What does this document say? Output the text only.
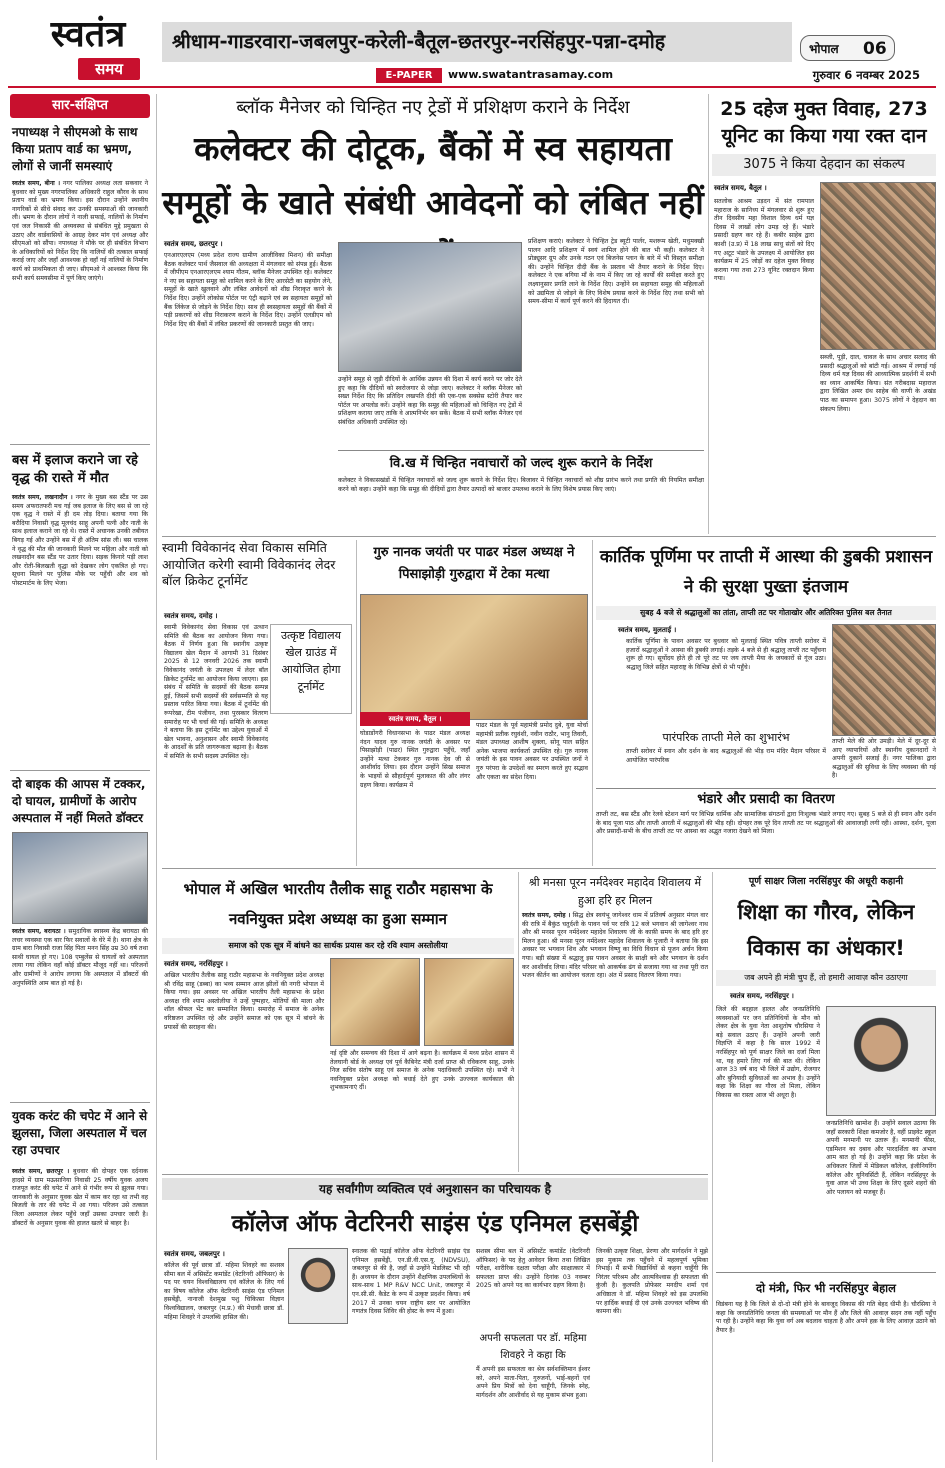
स्वतंत्र
समय
श्रीधाम-गाडरवारा-जबलपुर-करेली-बैतूल-छतरपुर-नरसिंहपुर-पन्ना-दमोह	भोपाल	06
E-PAPER	www.swatantrasamay.com	गुरुवार 6 नवम्बर 2025
सार-संक्षिप्त
नपाध्यक्ष ने सीएमओ के साथ किया प्रताप वार्ड का भ्रमण, लोगों से जानीं समस्याएं
स्वतंत्र समय, बीना । नगर पालिका अध्यक्ष लता सकवार ने बुधवार को मुख्य नगरपालिका अधिकारी राहुल कौरव के साथ प्रताप वार्ड का भ्रमण किया। इस दौरान उन्होंने स्थानीय नागरिकों से सीधे संवाद कर उनकी समस्याओं की जानकारी ली। भ्रमण के दौरान लोगों ने नाली सफाई, नालियों के निर्माण एवं जल निकासी की अव्यवस्था से संबंधित मुद्दे प्रमुखता से उठाए और वार्डवासियों के आग्रह देकर मांग एवं अध्यक्ष और सीएमओ को सौंपा। नपाध्यक्ष ने मौके पर ही संबंधित विभाग के अधिकारियों को निर्देश दिए कि नालियों की तत्काल सफाई कराई जाए और जहाँ आवश्यक हो वहाँ नई नालियों के निर्माण कार्य को प्राथमिकता दी जाए। सीएमओ ने आश्वस्त किया कि सभी कार्य समयसीमा में पूर्ण किए जाएंगे।
बस में इलाज कराने जा रहे वृद्ध की रास्ते में मौत
स्वतंत्र समय, लखनादौन । नगर के मुख्य बस स्टैंड पर उस समय अफरातफरी मच गई जब इलाज के लिए बस से जा रहे एक वृद्ध ने रास्ते में ही दम तोड़ दिया। बताया गया कि बरौदिया निवासी वृद्ध मूलचंद साहू अपनी पत्नी और नाती के साथ इलाज कराने जा रहे थे। रास्ते में अचानक उनकी तबीयत बिगड़ गई और उन्होंने बस में ही अंतिम सांस ली। बस चालक ने वृद्ध की मौत की जानकारी मिलने पर महिला और नाती को लखनादौन बस स्टैंड पर उतार दिया। सड़क किनारे पड़ी लाश और रोती-बिलखती वृद्धा को देखकर लोग एकत्रित हो गए। सूचना मिलने पर पुलिस मौके पर पहुँची और शव को पोस्टमार्टम के लिए भेजा।
दो बाइक की आपस में टक्कर, दो घायल, ग्रामीणों के आरोप अस्पताल में नहीं मिलते डॉक्टर
स्वतंत्र समय, बरायठा । समुदायिक स्वास्थ्य केंद्र बरायठा की लचर व्यवस्था एक बार फिर सवालों के घेरे में है। थाना क्षेत्र के ग्राम बारा निवासी राजा सिंह पिता मनन सिंह उम्र 30 वर्ष तथा साथी घायल हो गए। 108 एम्बुलेंस से घायलों को अस्पताल लाया गया लेकिन वहाँ कोई डॉक्टर मौजूद नहीं था। परिजनों और ग्रामीणों ने आरोप लगाया कि अस्पताल में डॉक्टरों की अनुपस्थिति आम बात हो गई है।
युवक करंट की चपेट में आने से झुलसा, जिला अस्पताल में चल रहा उपचार
स्वतंत्र समय, छतरपुर । बुधवार की दोपहर एक दर्दनाक हादसे में ग्राम मऊसानिया निवासी 25 वर्षीय युवक अजय राजपूत करंट की चपेट में आने से गंभीर रूप से झुलस गया। जानकारी के अनुसार युवक खेत में काम कर रहा था तभी वह बिजली के तार की चपेट में आ गया। परिजन उसे तत्काल जिला अस्पताल लेकर पहुँचे जहाँ उसका उपचार जारी है। डॉक्टरों के अनुसार युवक की हालत खतरे से बाहर है।
ब्लॉक मैनेजर को चिन्हित नए ट्रेडों में प्रशिक्षण कराने के निर्देश
कलेक्टर की दोटूक, बैंकों में स्व सहायता समूहों के खाते संबंधी आवेदनों को लंबित नहीं
स्वतंत्र समय, छतरपुर ।
एनआरएलएम (मध्य प्रदेश राज्य ग्रामीण आजीविका मिशन) की समीक्षा बैठक कलेक्टर पार्थ जैसवाल की अध्यक्षता में मंगलवार को संपन्न हुई। बैठक में जीपीएम एनआरएलएम श्याम गौतम, ब्लॉक मैनेजर उपस्थित रहे। कलेक्टर ने नए स्व सहायता समूह को शामिल करने के लिए आरसेटी का सहयोग लेने, समूहों के खाते खुलवाने और लंबित आवेदनों को शीघ्र निराकृत करने के निर्देश दिए। उन्होंने लोकोस पोर्टल पर एंट्री बढ़ाने एवं स्व सहायता समूहों को बैंक लिंकेज से जोड़ने के निर्देश दिए। साथ ही स्वसहायता समूहों की बैंकों में पड़ी प्रकरणों को शीघ्र निराकरण कराने के निर्देश दिए। उन्होंने एलडीएम को निर्देश दिए की बैंकों में लंबित प्रकरणों की जानकारी प्रस्तुत की जाए।
उन्होंने समूह से जुड़ी दीदियों के आर्थिक उन्नयन की दिशा में कार्य करने पर जोर देते हुए कहा कि दीदियों को स्वरोजगार से जोड़ा जाए। कलेक्टर ने ब्लॉक मैनेजर को सख्त निर्देश दिए कि प्रतिदिन लखपति दीदी की एक-एक सक्सेस स्टोरी तैयार कर पोर्टल पर अपलोड करें। उन्होंने कहा कि समूह की महिलाओं को चिन्हित नए ट्रेडों में प्रशिक्षण कराया जाए ताकि वे आत्मनिर्भर बन सकें। बैठक में सभी ब्लॉक मैनेजर एवं संबंधित अधिकारी उपस्थित रहे।
प्रशिक्षण कराएं। कलेक्टर ने चिन्हित ट्रेड ब्यूटी पार्लर, मशरूम खेती, मधुमक्खी पालन आदि प्रशिक्षण में स्वयं शामिल होने की बात भी कही। कलेक्टर ने प्रोड्यूसर ग्रुप और उनके गठन एवं बिजनेस प्लान के बारे में भी विस्तृत समीक्षा की। उन्होंने चिन्हित दीदी बैंक के प्रस्ताव भी तैयार कराने के निर्देश दिए। कलेक्टर ने एक बगिया माँ के नाम में किए जा रहे कार्यों की समीक्षा करते हुए लक्ष्यानुसार प्रगति लाने के निर्देश दिए। उन्होंने स्व सहायता समूह की महिलाओं को उद्यमिता से जोड़ने के लिए विशेष प्रयास करने के निर्देश दिए तथा सभी को समय-सीमा में कार्य पूर्ण करने की हिदायत दी।
वि.ख में चिन्हित नवाचारों को जल्द शुरू कराने के निर्देश
कलेक्टर ने विकासखंडों में चिन्हित नवाचारों को जल्द शुरू कराने के निर्देश दिए। बिजावर में चिन्हित नवाचारों को शीघ्र प्रारंभ करने तथा प्रगति की नियमित समीक्षा करने को कहा। उन्होंने कहा कि समूह की दीदियों द्वारा तैयार उत्पादों को बाजार उपलब्ध कराने के लिए विशेष प्रयास किए जाएं।
25 दहेज मुक्त विवाह, 273 यूनिट का किया गया रक्त दान
3075 ने किया देहदान का संकल्प
स्वतंत्र समय, बैतूल ।
सतलोक आश्रम उड़दन में संत रामपाल महाराज के सानिध्य में मंगलवार से शुरू हुए तीन दिवसीय महा विशाल दिव्य धर्म यज्ञ दिवस में लाखों लोग उमड़ रहे हैं। भंडारे प्रसादी ग्रहण कर रहे हैं। कबीर साहेब द्वारा काशी (उ.प्र) में 18 लाख साधु संतों को दिए गए अटूट भंडारे के उपलक्ष्य में आयोजित इस कार्यक्रम में 25 जोड़ों का दहेज मुक्त विवाह कराया गया तथा 273 यूनिट रक्तदान किया गया।
सब्जी, पूड़ी, दाल, चावल के साथ अचार सलाद की प्रसादी श्रद्धालुओं को बांटी गई। आश्रम में लगाई गई दिव्य धर्म यज्ञ दिवस की आध्यात्मिक प्रदर्शनी में सभी का ध्यान आकर्षित किया। संत गरीबदास महाराज द्वारा लिखित अमर ग्रंथ साहेब की वाणी के अखंड पाठ का समापन हुआ। 3075 लोगों ने देहदान का संकल्प लिया।
स्वामी विवेकानंद सेवा विकास समिति आयोजित करेगी स्वामी विवेकानंद लेदर बॉल क्रिकेट टूर्नामेंट
स्वतंत्र समय, दमोह ।
उत्कृष्ट विद्यालय खेल ग्राउंड में आयोजित होगा टूर्नामेंट
स्वामी विवेकानंद सेवा विकास एवं उत्थान समिति की बैठक का आयोजन किया गया। बैठक में निर्णय हुआ कि स्थानीय उत्कृष्ट विद्यालय खेल मैदान में आगामी 31 दिसंबर 2025 से 12 जनवरी 2026 तक स्वामी विवेकानंद जयंती के उपलक्ष्य में लेदर बॉल क्रिकेट टूर्नामेंट का आयोजन किया जाएगा। इस संबंध में समिति के सदस्यों की बैठक सम्पन्न हुई, जिसमें सभी सदस्यों की सर्वसम्मति से यह प्रस्ताव पारित किया गया। बैठक में टूर्नामेंट की रूपरेखा, टीम पंजीयन, तथा पुरस्कार वितरण समारोह पर भी चर्चा की गई। समिति के अध्यक्ष ने बताया कि इस टूर्नामेंट का उद्देश्य युवाओं में खेल भावना, अनुशासन और स्वामी विवेकानंद के आदर्शों के प्रति जागरूकता बढ़ाना है। बैठक में समिति के सभी सदस्य उपस्थित रहे।
गुरु नानक जयंती पर पाढर मंडल अध्यक्ष ने पिसाझोड़ी गुरुद्वारा में टेका मत्था
स्वतंत्र समय, बैतूल ।
घोडाडोंगरी विधानसभा के पाढर मंडल अध्यक्ष नंदन यादव गुरु नानक जयंती के अवसर पर पिसाझोड़ी (पाढर) स्थित गुरुद्वारा पहुँचे, जहाँ उन्होंने मत्था टेककर गुरु नानक देव जी से आशीर्वाद लिया। इस दौरान उन्होंने सिख समाज के भाइयों से सौहार्दपूर्ण मुलाकात की और लंगर ग्रहण किया। कार्यक्रम में
पाढर मंडल के पूर्व महामंत्री प्रमोद दुबे, युवा मोर्चा महामंत्री प्रतीक रघुवंशी, नवीन राठौर, भानु तिवारी, मंडल उपाध्यक्ष आशीष शुक्ला, सोनू पाल सहित अनेक भाजपा कार्यकर्ता उपस्थित रहे। गुरु नानक जयंती के इस पावन अवसर पर उपस्थित जनों ने गुरु परंपरा के उपदेशों का स्मरण करते हुए सद्भाव और एकता का संदेश दिया।
कार्तिक पूर्णिमा पर ताप्ती में आस्था की डुबकी प्रशासन ने की सुरक्षा पुख्ता इंतजाम
सुबह 4 बजे से श्रद्धालुओं का तांता, ताप्ती तट पर गोताखोर और अतिरिक्त पुलिस बल तैनात
स्वतंत्र समय, मुलताई ।
कार्तिक पूर्णिमा के पावन अवसर पर बुधवार को मुलताई स्थित पवित्र ताप्ती सरोवर में हजारों श्रद्धालुओं ने आस्था की डुबकी लगाई। तड़के 4 बजे से ही श्रद्धालु ताप्ती तट पहुँचना शुरू हो गए। सूर्योदय होते ही तो पूरे तट पर जय ताप्ती मैया के जयकारों से गूंज उठा। श्रद्धालु जिले सहित महाराष्ट्र के विभिन्न क्षेत्रों से भी पहुँचे।
पारंपरिक ताप्ती मेले का शुभारंभ
ताप्ती सरोवर में स्नान और दर्शन के बाद श्रद्धालुओं की भीड़ राम मंदिर मैदान परिसर में आयोजित पारंपरिक
ताप्ती मेले की ओर उमड़ी। मेले में दूर-दूर से आए व्यापारियों और स्थानीय दुकानदारों ने अपनी दुकानें सजाई हैं। नगर पालिका द्वारा श्रद्धालुओं की सुविधा के लिए व्यवस्था की गई है।
भंडारे और प्रसादी का वितरण
ताप्ती तट, बस स्टैंड और रेलवे स्टेशन मार्ग पर विभिन्न धार्मिक और सामाजिक संगठनों द्वारा निःशुल्क भंडारे लगाए गए। सुबह 5 बजे से ही स्नान और दर्शन के बाद पूजा पाठ और ताप्ती आरती में श्रद्धालुओं की भीड़ रही। दोपहर तक पूरे दिन ताप्ती तट पर श्रद्धालुओं की आवाजाही लगी रही। आस्था, दर्शन, पूजा और प्रसादी-सभी के बीच ताप्ती तट पर आस्था का अद्भुत नजारा देखने को मिला।
भोपाल में अखिल भारतीय तैलीक साहू राठौर महासभा के नवनियुक्त प्रदेश अध्यक्ष का हुआ सम्मान
समाज को एक सूत्र में बांधने का सार्थक प्रयास कर रहे रवि श्याम अस्तोलीया
स्वतंत्र समय, नरसिंहपुर ।
अखिल भारतीय तैलीक साहू राठौर महासभा के नवनियुक्त प्रदेश अध्यक्ष श्री रविंद्र साहू (डब्बा) का भव्य सम्मान आज झीलों की नगरी भोपाल में किया गया। इस अवसर पर अखिल भारतीय तैली महासभा के प्रदेश अध्यक्ष रवि श्याम अस्तोलीया ने उन्हें पुष्पहार, मोतियों की माला और शॉल श्रीफल भेंट कर सम्मानित किया। समारोह में समाज के अनेक वरिष्ठजन उपस्थित रहे और उन्होंने समाज को एक सूत्र में बांधने के प्रयासों की सराहना की।
नई दृष्टि और समन्वय की दिशा में आगे बढ़ना है। कार्यक्रम में मध्य प्रदेश शासन में तेलघानी बोर्ड के अध्यक्ष एवं पूर्व कैबिनेट मंत्री दर्जा प्राप्त श्री रविकरण साहू, उनके निज सचिव संतोष साहू एवं समाज के अनेक पदाधिकारी उपस्थित रहे। सभी ने नवनियुक्त प्रदेश अध्यक्ष को बधाई देते हुए उनके उज्ज्वल कार्यकाल की शुभकामनाएं दीं।
श्री मनसा पूरन नर्मदेश्वर महादेव शिवालय में हुआ हरि हर मिलन
स्वतंत्र समय, दमोह । सिद्ध क्षेत्र स्वयंभू जागेश्वर धाम में प्रतिवर्ष अनुसार मंगल वार की रात्रि में बैकुंठ चतुर्दशी के पावन पर्व पर रात्रि 12 बजे भगवान श्री जागेश्वर नाथ और श्री मनसा पूरन नर्मदेश्वर महादेव शिवालय जी के काफ़ी समय के बाद हरि हर मिलन हुआ। श्री मनसा पूरन नर्मदेश्वर महादेव शिवालय के पुजारी ने बताया कि इस अवसर पर भगवान शिव और भगवान विष्णु का विधि विधान से पूजन अर्चन किया गया। बड़ी संख्या में श्रद्धालु इस पावन अवसर के साक्षी बने और भगवान के दर्शन कर आशीर्वाद लिया। मंदिर परिसर को आकर्षक ढंग से सजाया गया था तथा पूरी रात भजन कीर्तन का आयोजन चलता रहा। अंत में प्रसाद वितरण किया गया।
पूर्ण साक्षर जिला नरसिंहपुर की अधूरी कहानी
शिक्षा का गौरव, लेकिन विकास का अंधकार!
जब अपने ही मंत्री चुप हैं, तो हमारी आवाज़ कौन उठाएगा
स्वतंत्र समय, नरसिंहपुर ।
जिले की बदहाल हालत और जनप्रतिनिधि व्यवस्थाओं पर जन प्रतिनिधियों के मौन को लेकर क्षेत्र के युवा नेता आशुतोष चौरसिया ने बड़े सवाल उठाए हैं। उन्होंने अपनी जारी विज्ञप्ति में कहा है कि साल 1992 में नरसिंहपुर को पूर्ण साक्षर जिले का दर्जा मिला था, यह हमारे लिए गर्व की बात थी। लेकिन आज 33 वर्ष बाद भी जिले में उद्योग, रोजगार और बुनियादी सुविधाओं का अभाव है। उन्होंने कहा कि शिक्षा का गौरव तो मिला, लेकिन विकास का रास्ता आज भी अधूरा है।
जनप्रतिनिधि खामोश हैं। उन्होंने सवाल उठाया कि जहाँ सरकारी शिक्षा कमजोर है, वहीं प्राइवेट स्कूल अपनी मनमानी पर उतारू हैं। मनमानी फीस, एडमिशन का दबाव और पारदर्शिता का अभाव आम बात हो गई है। उन्होंने कहा कि प्रदेश के अधिकतर जिलों में मेडिकल कॉलेज, इंजीनियरिंग कॉलेज और यूनिवर्सिटी हैं, लेकिन नरसिंहपुर के युवा आज भी उच्च शिक्षा के लिए दूसरे शहरों की ओर पलायन को मजबूर हैं।
दो मंत्री, फिर भी नरसिंहपुर बेहाल
विडंबना यह है कि जिले से दो-दो मंत्री होने के बावजूद विकास की गति बेहद धीमी है। चौरसिया ने कहा कि जनप्रतिनिधि जनता की समस्याओं पर मौन हैं और जिले की आवाज़ सदन तक नहीं पहुँच पा रही है। उन्होंने कहा कि युवा वर्ग अब बदलाव चाहता है और अपने हक़ के लिए आवाज़ उठाने को तैयार है।
यह सर्वांगीण व्यक्तित्व एवं अनुशासन का परिचायक है
कॉलेज ऑफ वेटरिनरी साइंस एंड एनिमल हसबेंड्री
स्वतंत्र समय, जबलपुर ।
कॉलेज की पूर्व छात्रा डॉ. महिमा शिवहरे का सशस्त्र सीमा बल में असिस्टेंट कमांडेंट (वेटरिनरी ऑफिसर) के पद पर चयन विश्वविद्यालय एवं कॉलेज के लिए गर्व का विषय कॉलेज ऑफ वेटरिनरी साइंस एंड एनिमल हसबेंड्री, नानाजी देशमुख पशु चिकित्सा विज्ञान विश्वविद्यालय, जबलपुर (म.प्र.) की मेधावी छात्रा डॉ. महिमा शिवहरे ने उपलब्धि हासिल की।
स्नातक की पढ़ाई कॉलेज ऑफ वेटरिनरी साइंस एंड एनिमल हसबेंड्री, एन.डी.वी.एस.यू. (NDVSU), जबलपुर से की है, जहाँ से उन्होंने मेडलिस्ट भी रही हैं। अध्ययन के दौरान उन्होंने शैक्षणिक उपलब्धियों के साथ-साथ 1 MP R&V NCC Unit, जबलपुर में एन.सी.सी. कैडेट के रूप में उत्कृष्ट प्रदर्शन किया। वर्ष 2017 में उनका चयन राष्ट्रीय स्तर पर आयोजित गणतंत्र दिवस शिविर की होस्ट के रूप में हुआ।
सशस्त्र सीमा बल में असिस्टेंट कमांडेंट (वेटरिनरी ऑफिसर) के पद हेतु आवेदन किया तथा लिखित परीक्षा, शारीरिक दक्षता परीक्षा और साक्षात्कार में सफलता प्राप्त की। उन्होंने दिनांक 03 नवम्बर 2025 को अपने पद का कार्यभार ग्रहण किया है।
अपनी सफलता पर डॉ. महिमा शिवहरे ने कहा कि
मैं अपनी इस सफलता का श्रेय सर्वशक्तिमान ईश्वर को, अपने माता-पिता, गुरुजनों, भाई-बहनों एवं अपने प्रिय मित्रों को देना चाहूँगी, जिनके स्नेह, मार्गदर्शन और आशीर्वाद से यह मुकाम संभव हुआ।
जिनकी उत्कृष्ट शिक्षा, प्रेरणा और मार्गदर्शन ने मुझे इस मुकाम तक पहुँचने में महत्वपूर्ण भूमिका निभाई। मैं सभी विद्यार्थियों से कहना चाहूँगी कि निरंतर परिश्रम और आत्मविश्वास ही सफलता की कुंजी है। कुलपति प्रोफेसर मनदीप शर्मा एवं अधिष्ठाता ने डॉ. महिमा शिवहरे को इस उपलब्धि पर हार्दिक बधाई दी एवं उनके उज्ज्वल भविष्य की कामना की।
